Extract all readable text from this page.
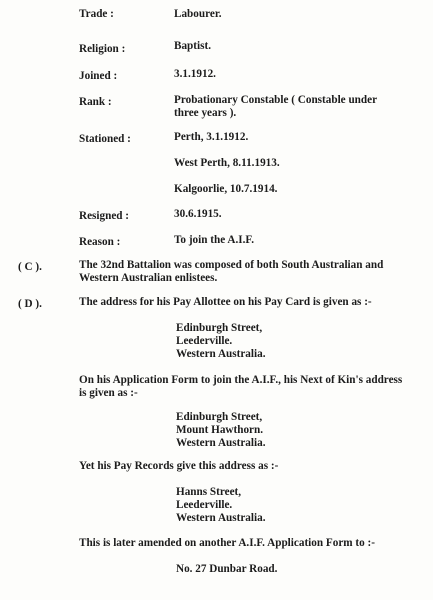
Trade :	Labourer.
Religion :	Baptist.
Joined :	3.1.1912.
Rank :	Probationary Constable ( Constable under
three years ).
Stationed :	Perth, 3.1.1912.
West Perth, 8.11.1913.
Kalgoorlie, 10.7.1914.
Resigned :	30.6.1915.
Reason :	To join the A.I.F.
( C ).	The 32nd Battalion was composed of both South Australian and
Western Australian enlistees.
( D ).	The address for his Pay Allottee on his Pay Card is given as :-
Edinburgh Street,
Leederville.
Western Australia.
On his Application Form to join the A.I.F., his Next of Kin's address
is given as :-
Edinburgh Street,
Mount Hawthorn.
Western Australia.
Yet his Pay Records give this address as :-
Hanns Street,
Leederville.
Western Australia.
This is later amended on another A.I.F. Application Form to :-
No. 27 Dunbar Road.
